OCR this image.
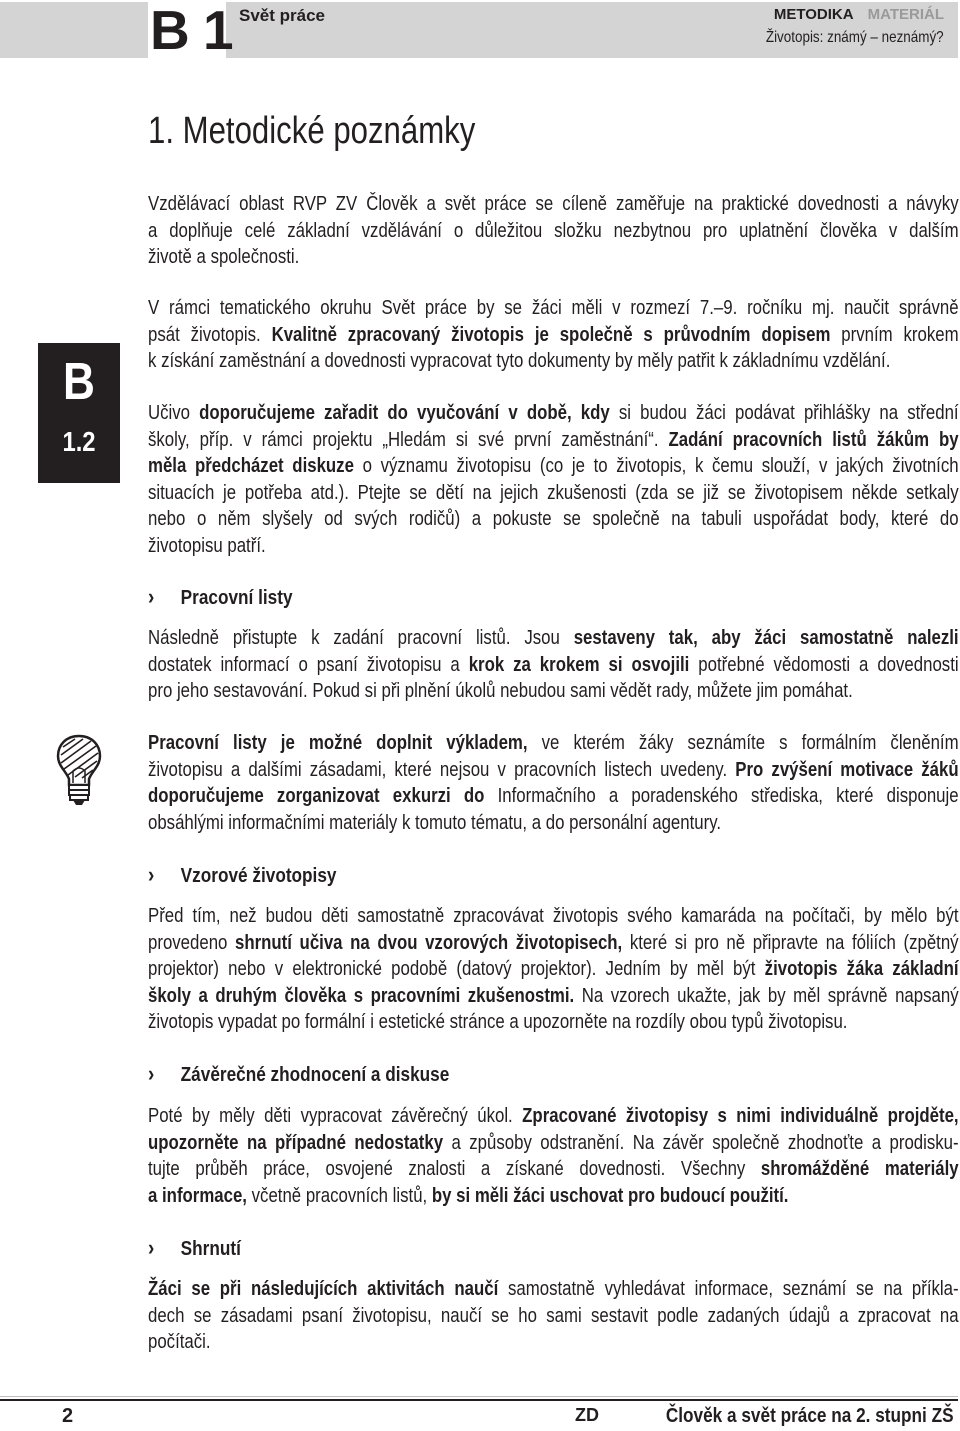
B 1 Svět práce	METODIKA MATERIÁL
Životopis: známý – neznámý?
1. Metodické poznámky
Vzdělávací oblast RVP ZV Člověk a svět práce se cíleně zaměřuje na praktické dovednosti a návyky
a doplňuje celé základní vzdělávání o důležitou složku nezbytnou pro uplatnění člověka v dalším
životě a společnosti.
B
1.2
V rámci tematického okruhu Svět práce by se žáci měli v rozmezí 7.–9. ročníku mj. naučit správně
psát životopis. Kvalitně zpracovaný životopis je společně s průvodním dopisem prvním krokem
k získání zaměstnání a dovednosti vypracovat tyto dokumenty by měly patřit k základnímu vzdělání.
Učivo doporučujeme zařadit do vyučování v době, kdy si budou žáci podávat přihlášky na střední
školy, příp. v rámci projektu „Hledám si své první zaměstnání“. Zadání pracovních listů žákům by
měla předcházet diskuze o významu životopisu (co je to životopis, k čemu slouží, v jakých životních
situacích je potřeba atd.). Ptejte se dětí na jejich zkušenosti (zda se již se životopisem někde setkaly
nebo o něm slyšely od svých rodičů) a pokuste se společně na tabuli uspořádat body, které do
životopisu patří.
› Pracovní listy
Následně přistupte k zadání pracovní listů. Jsou sestaveny tak, aby žáci samostatně nalezli
dostatek informací o psaní životopisu a krok za krokem si osvojili potřebné vědomosti a dovednosti
pro jeho sestavování. Pokud si při plnění úkolů nebudou sami vědět rady, můžete jim pomáhat.
Pracovní listy je možné doplnit výkladem, ve kterém žáky seznámíte s formálním členěním
životopisu a dalšími zásadami, které nejsou v pracovních listech uvedeny. Pro zvýšení motivace žáků
doporučujeme zorganizovat exkurzi do Informačního a poradenského střediska, které disponuje
obsáhlými informačními materiály k tomuto tématu, a do personální agentury.
› Vzorové životopisy
Před tím, než budou děti samostatně zpracovávat životopis svého kamaráda na počítači, by mělo být
provedeno shrnutí učiva na dvou vzorových životopisech, které si pro ně připravte na fóliích (zpětný
projektor) nebo v elektronické podobě (datový projektor). Jedním by měl být životopis žáka základní
školy a druhým člověka s pracovními zkušenostmi. Na vzorech ukažte, jak by měl správně napsaný
životopis vypadat po formální i estetické stránce a upozorněte na rozdíly obou typů životopisu.
› Závěrečné zhodnocení a diskuse
Poté by měly děti vypracovat závěrečný úkol. Zpracované životopisy s nimi individuálně projděte,
upozorněte na případné nedostatky a způsoby odstranění. Na závěr společně zhodnoťte a prodisku-
tujte průběh práce, osvojené znalosti a získané dovednosti. Všechny shromážděné materiály
a informace, včetně pracovních listů, by si měli žáci uschovat pro budoucí použití.
› Shrnutí
Žáci se při následujících aktivitách naučí samostatně vyhledávat informace, seznámí se na příkla-
dech se zásadami psaní životopisu, naučí se ho sami sestavit podle zadaných údajů a zpracovat na
počítači.
2	ZD	Člověk a svět práce na 2. stupni ZŠ
